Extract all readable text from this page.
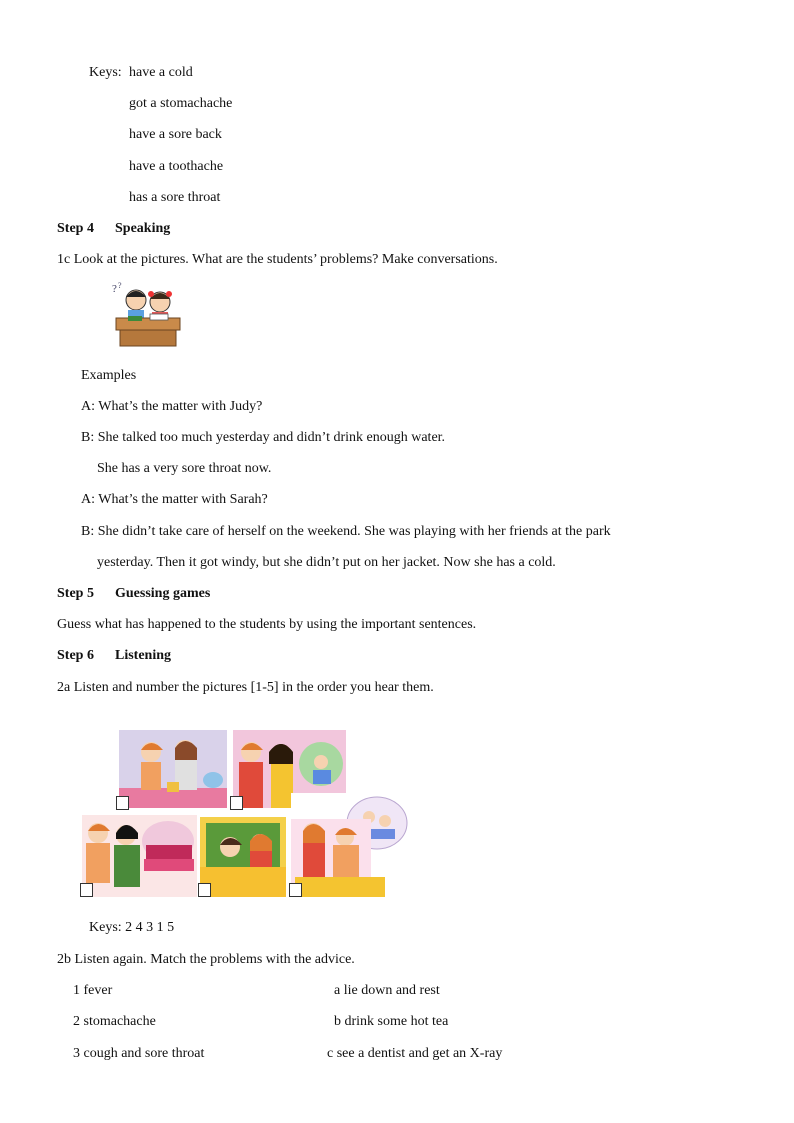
Keys: have a cold
got a stomachache
have a sore back
have a toothache
has a sore throat
Step 4 Speaking
1c Look at the pictures. What are the students’ problems? Make conversations.
? ?
Examples
A: What’s the matter with Judy?
B: She talked too much yesterday and didn’t drink enough water.
She has a very sore throat now.
A: What’s the matter with Sarah?
B: She didn’t take care of herself on the weekend. She was playing with her friends at the park
yesterday. Then it got windy, but she didn’t put on her jacket. Now she has a cold.
Step 5 Guessing games
Guess what has happened to the students by using the important sentences.
Step 6 Listening
2a Listen and number the pictures [1-5] in the order you hear them.
Keys: 2 4 3 1 5
2b Listen again. Match the problems with the advice.
1 fever
2 stomachache
3 cough and sore throat
a lie down and rest
b drink some hot tea
c see a dentist and get an X-ray
